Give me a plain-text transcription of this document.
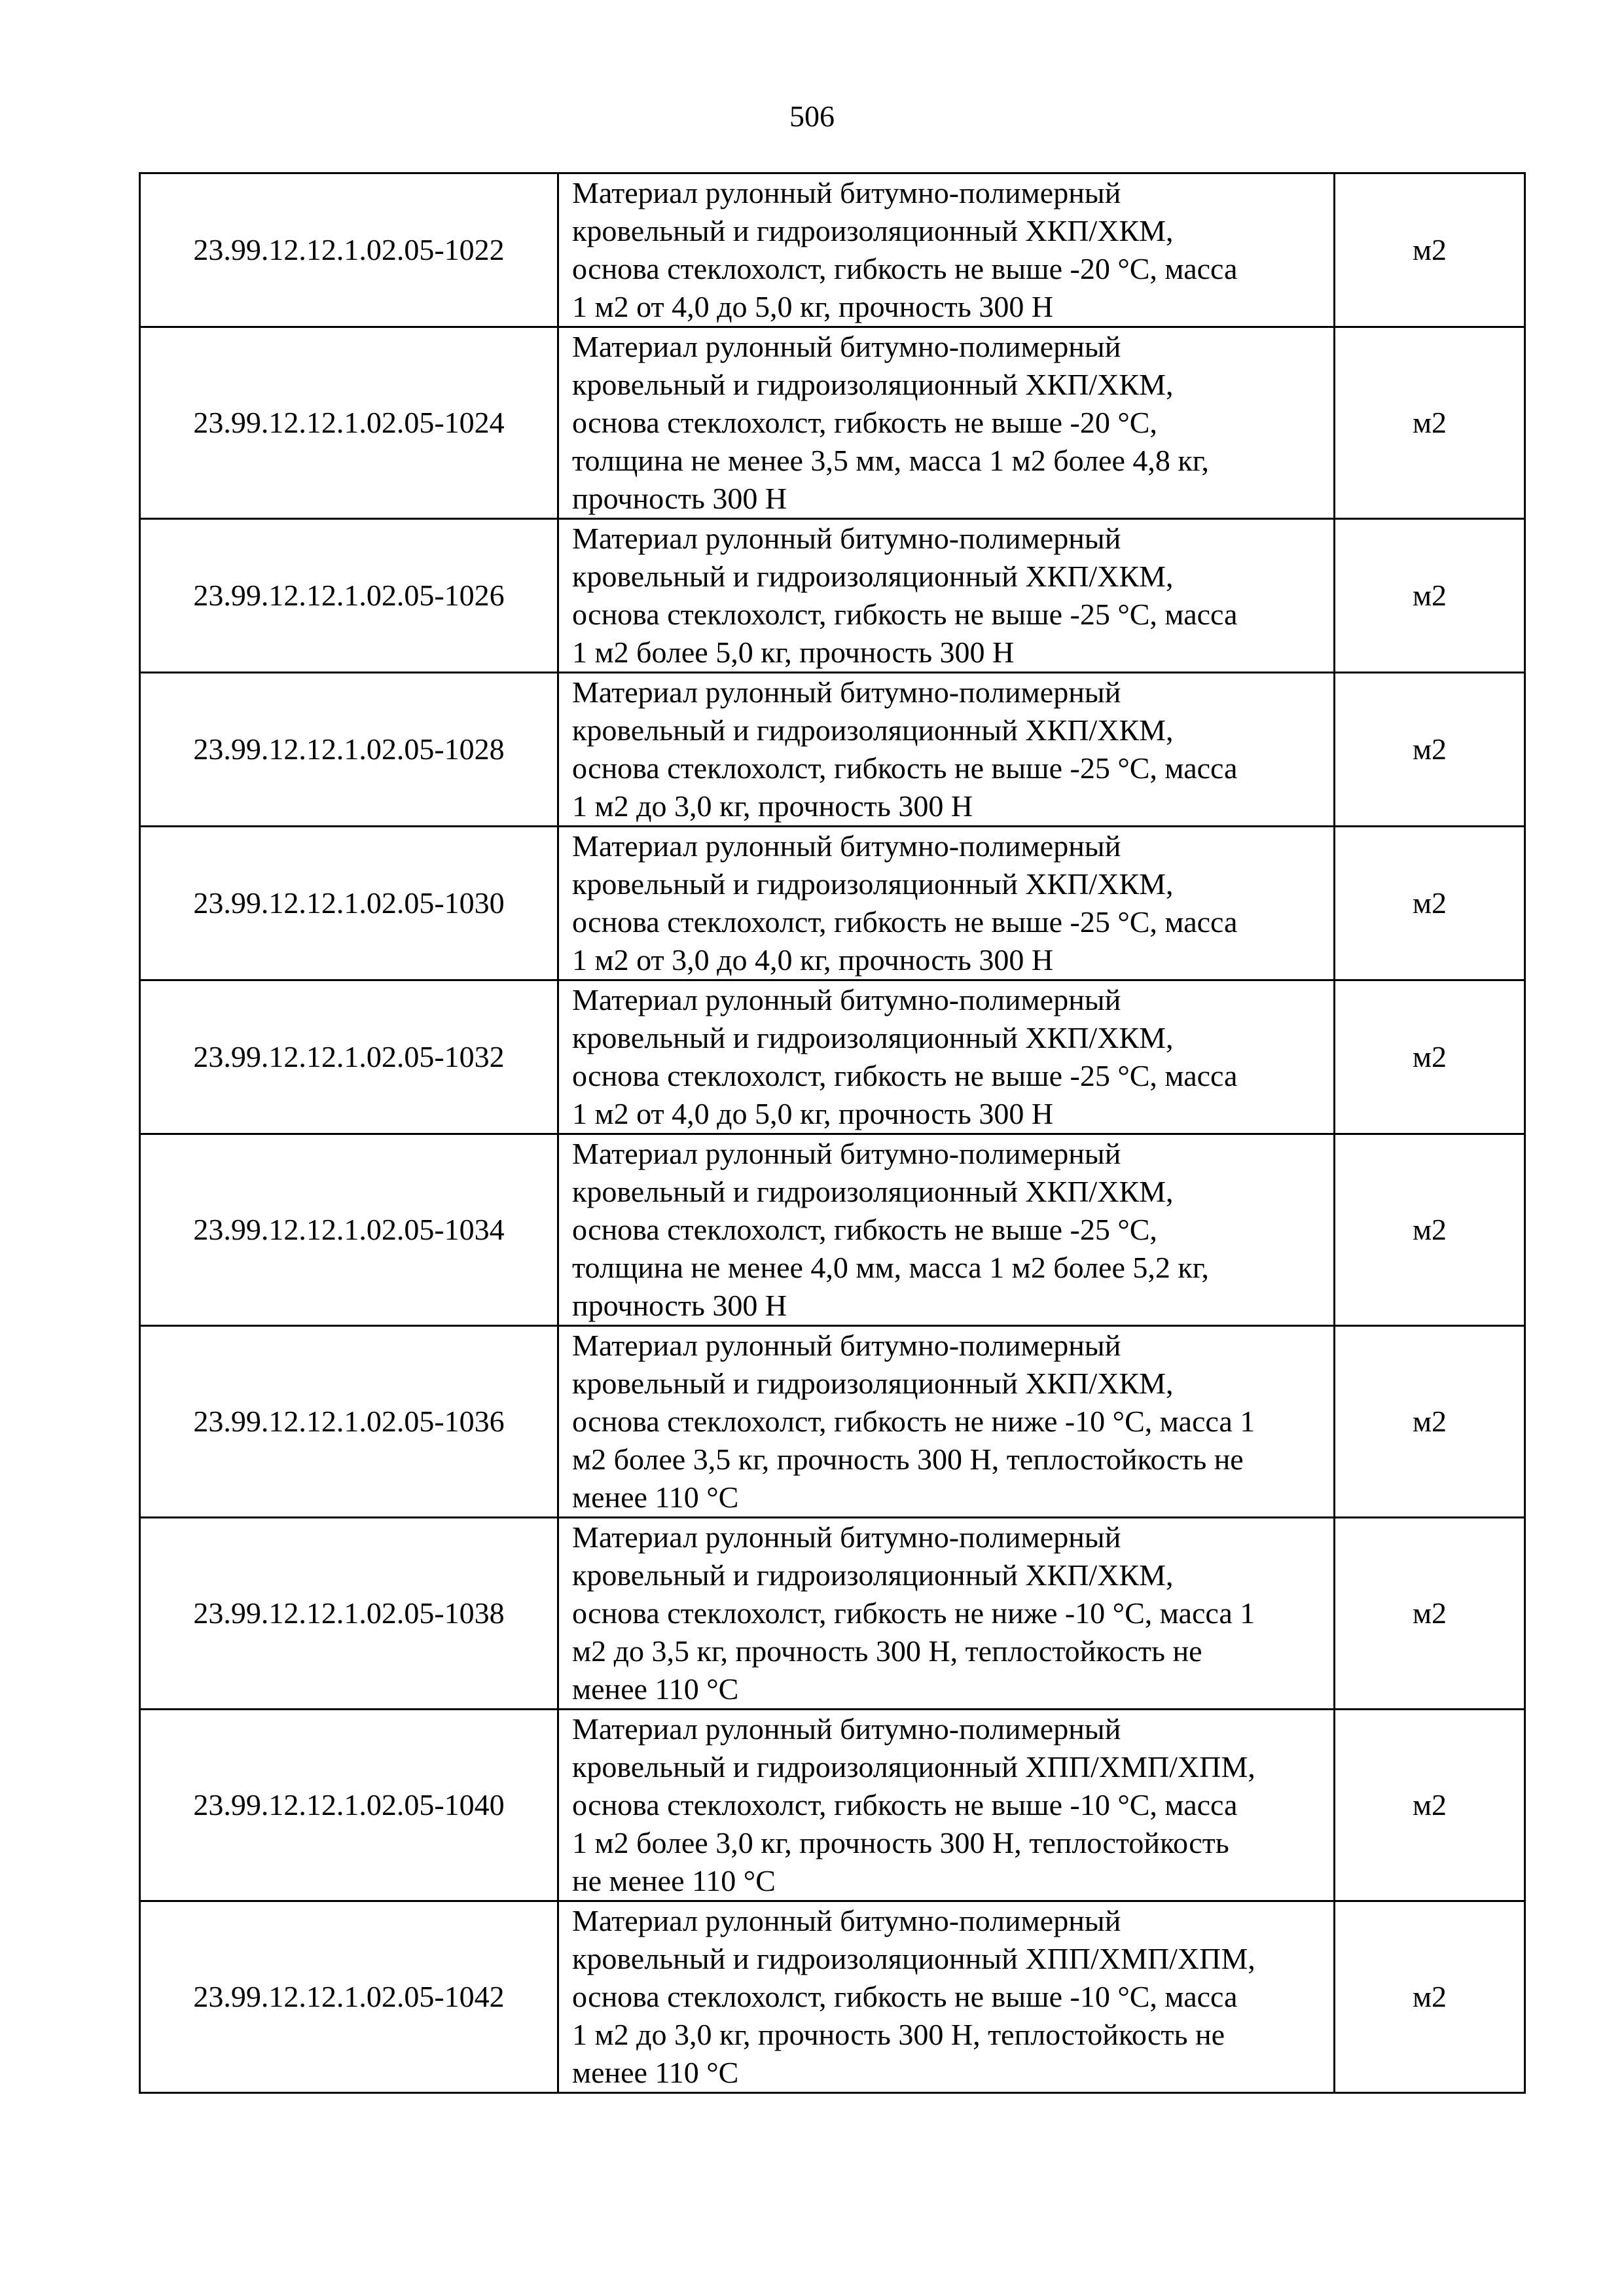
506
23.99.12.12.1.02.05-1022	Материал рулонный битумно-полимерный
кровельный и гидроизоляционный ХКП/ХКМ,
основа стеклохолст, гибкость не выше -20 °С, масса
1 м2 от 4,0 до 5,0 кг, прочность 300 Н	м2
23.99.12.12.1.02.05-1024	Материал рулонный битумно-полимерный
кровельный и гидроизоляционный ХКП/ХКМ,
основа стеклохолст, гибкость не выше -20 °С,
толщина не менее 3,5 мм, масса 1 м2 более 4,8 кг,
прочность 300 Н	м2
23.99.12.12.1.02.05-1026	Материал рулонный битумно-полимерный
кровельный и гидроизоляционный ХКП/ХКМ,
основа стеклохолст, гибкость не выше -25 °С, масса
1 м2 более 5,0 кг, прочность 300 Н	м2
23.99.12.12.1.02.05-1028	Материал рулонный битумно-полимерный
кровельный и гидроизоляционный ХКП/ХКМ,
основа стеклохолст, гибкость не выше -25 °С, масса
1 м2 до 3,0 кг, прочность 300 Н	м2
23.99.12.12.1.02.05-1030	Материал рулонный битумно-полимерный
кровельный и гидроизоляционный ХКП/ХКМ,
основа стеклохолст, гибкость не выше -25 °С, масса
1 м2 от 3,0 до 4,0 кг, прочность 300 Н	м2
23.99.12.12.1.02.05-1032	Материал рулонный битумно-полимерный
кровельный и гидроизоляционный ХКП/ХКМ,
основа стеклохолст, гибкость не выше -25 °С, масса
1 м2 от 4,0 до 5,0 кг, прочность 300 Н	м2
23.99.12.12.1.02.05-1034	Материал рулонный битумно-полимерный
кровельный и гидроизоляционный ХКП/ХКМ,
основа стеклохолст, гибкость не выше -25 °С,
толщина не менее 4,0 мм, масса 1 м2 более 5,2 кг,
прочность 300 Н	м2
23.99.12.12.1.02.05-1036	Материал рулонный битумно-полимерный
кровельный и гидроизоляционный ХКП/ХКМ,
основа стеклохолст, гибкость не ниже -10 °С, масса 1
м2 более 3,5 кг, прочность 300 Н, теплостойкость не
менее 110 °С	м2
23.99.12.12.1.02.05-1038	Материал рулонный битумно-полимерный
кровельный и гидроизоляционный ХКП/ХКМ,
основа стеклохолст, гибкость не ниже -10 °С, масса 1
м2 до 3,5 кг, прочность 300 Н, теплостойкость не
менее 110 °С	м2
23.99.12.12.1.02.05-1040	Материал рулонный битумно-полимерный
кровельный и гидроизоляционный ХПП/ХМП/ХПМ,
основа стеклохолст, гибкость не выше -10 °С, масса
1 м2 более 3,0 кг, прочность 300 Н, теплостойкость
не менее 110 °С	м2
23.99.12.12.1.02.05-1042	Материал рулонный битумно-полимерный
кровельный и гидроизоляционный ХПП/ХМП/ХПМ,
основа стеклохолст, гибкость не выше -10 °С, масса
1 м2 до 3,0 кг, прочность 300 Н, теплостойкость не
менее 110 °С	м2
